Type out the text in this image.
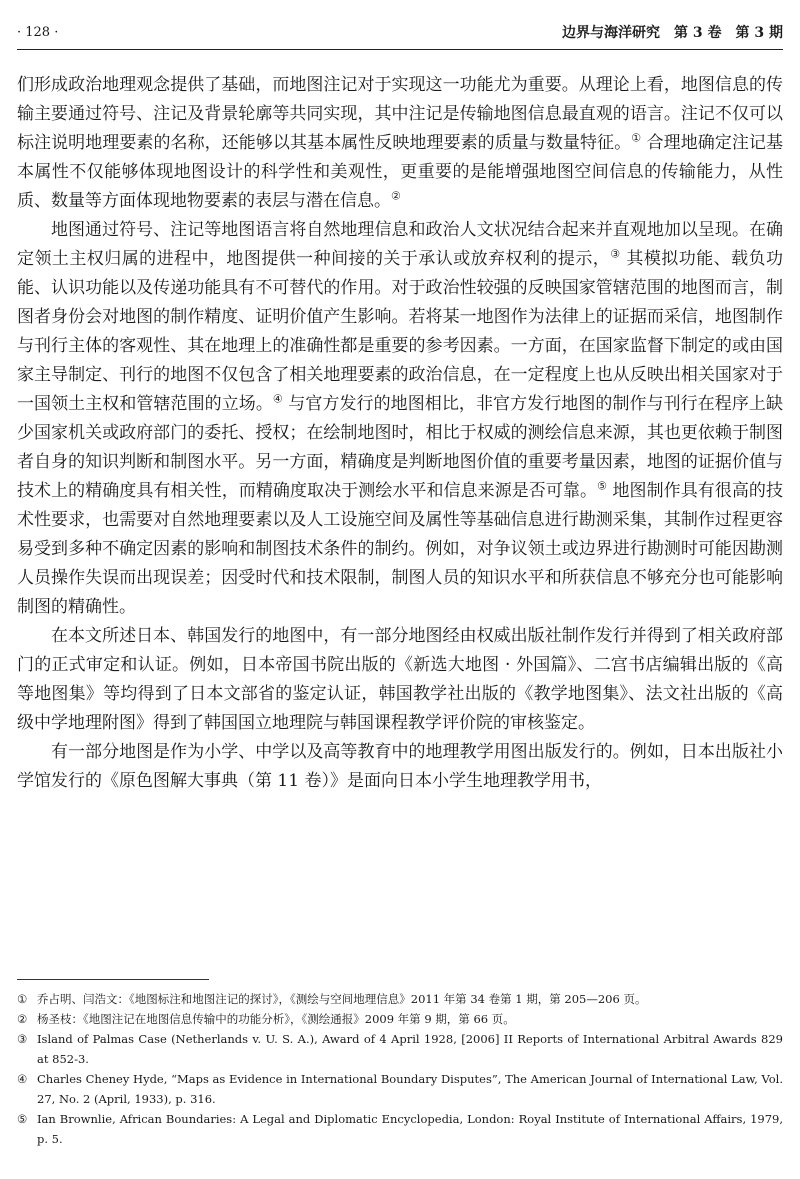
· 128 ·	边界与海洋研究　第 3 卷　第 3 期

们形成政治地理观念提供了基础，而地图注记对于实现这一功能尤为重要。从理论上看，地图信息的传输主要通过符号、注记及背景轮廓等共同实现，其中注记是传输地图信息最直观的语言。注记不仅可以标注说明地理要素的名称，还能够以其基本属性反映地理要素的质量与数量特征。① 合理地确定注记基本属性不仅能够体现地图设计的科学性和美观性，更重要的是能增强地图空间信息的传输能力，从性质、数量等方面体现地物要素的表层与潜在信息。②

地图通过符号、注记等地图语言将自然地理信息和政治人文状况结合起来并直观地加以呈现。在确定领土主权归属的进程中，地图提供一种间接的关于承认或放弃权利的提示，③ 其模拟功能、载负功能、认识功能以及传递功能具有不可替代的作用。对于政治性较强的反映国家管辖范围的地图而言，制图者身份会对地图的制作精度、证明价值产生影响。若将某一地图作为法律上的证据而采信，地图制作与刊行主体的客观性、其在地理上的准确性都是重要的参考因素。一方面，在国家监督下制定的或由国家主导制定、刊行的地图不仅包含了相关地理要素的政治信息，在一定程度上也从反映出相关国家对于一国领土主权和管辖范围的立场。④ 与官方发行的地图相比，非官方发行地图的制作与刊行在程序上缺少国家机关或政府部门的委托、授权；在绘制地图时，相比于权威的测绘信息来源，其也更依赖于制图者自身的知识判断和制图水平。另一方面，精确度是判断地图价值的重要考量因素，地图的证据价值与技术上的精确度具有相关性，而精确度取决于测绘水平和信息来源是否可靠。⑤ 地图制作具有很高的技术性要求，也需要对自然地理要素以及人工设施空间及属性等基础信息进行勘测采集，其制作过程更容易受到多种不确定因素的影响和制图技术条件的制约。例如，对争议领土或边界进行勘测时可能因勘测人员操作失误而出现误差；因受时代和技术限制，制图人员的知识水平和所获信息不够充分也可能影响制图的精确性。

在本文所述日本、韩国发行的地图中，有一部分地图经由权威出版社制作发行并得到了相关政府部门的正式审定和认证。例如，日本帝国书院出版的《新选大地图 · 外国篇》、二宫书店编辑出版的《高等地图集》等均得到了日本文部省的鉴定认证，韩国教学社出版的《教学地图集》、法文社出版的《高级中学地理附图》得到了韩国国立地理院与韩国课程教学评价院的审核鉴定。

有一部分地图是作为小学、中学以及高等教育中的地理教学用图出版发行的。例如，日本出版社小学馆发行的《原色图解大事典（第 11 卷）》是面向日本小学生地理教学用书，

① 乔占明、闫浩文：《地图标注和地图注记的探讨》，《测绘与空间地理信息》2011 年第 34 卷第 1 期，第 205—206 页。
② 杨圣枝：《地图注记在地图信息传输中的功能分析》，《测绘通报》2009 年第 9 期，第 66 页。
③ Island of Palmas Case (Netherlands v. U. S. A.), Award of 4 April 1928, [2006] II Reports of International Arbitral Awards 829 at 852-3.
④ Charles Cheney Hyde, “Maps as Evidence in International Boundary Disputes”, The American Journal of International Law, Vol. 27, No. 2 (April, 1933), p. 316.
⑤ Ian Brownlie, African Boundaries: A Legal and Diplomatic Encyclopedia, London: Royal Institute of International Affairs, 1979, p. 5.
